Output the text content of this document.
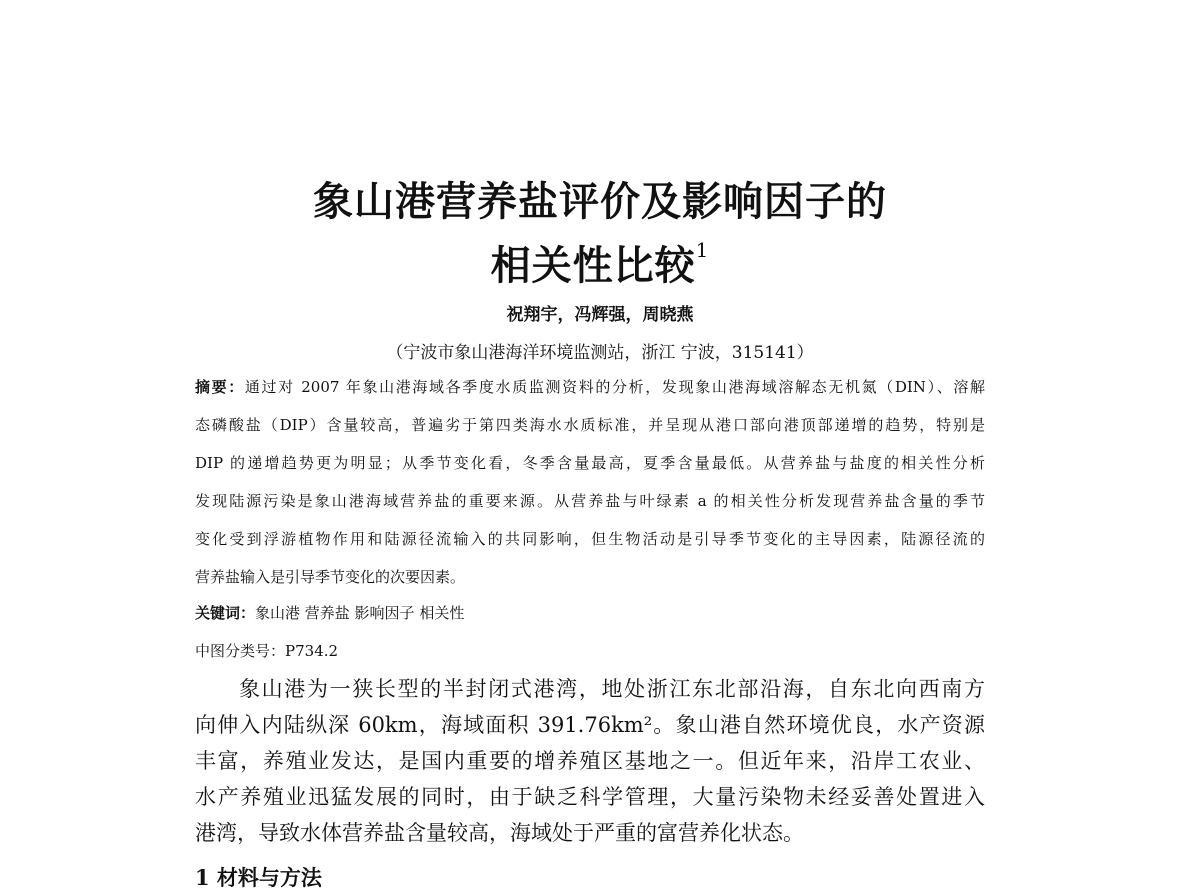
象山港营养盐评价及影响因子的
相关性比较$^1$
祝翔宇，冯辉强，周晓燕
（宁波市象山港海洋环境监测站，浙江 宁波，315141）
摘要：通过对 2007 年象山港海域各季度水质监测资料的分析，发现象山港海域溶解态无机氮（DIN）、溶解
态磷酸盐（DIP）含量较高，普遍劣于第四类海水水质标准，并呈现从港口部向港顶部递增的趋势，特别是
DIP 的递增趋势更为明显；从季节变化看，冬季含量最高，夏季含量最低。从营养盐与盐度的相关性分析
发现陆源污染是象山港海域营养盐的重要来源。从营养盐与叶绿素 a 的相关性分析发现营养盐含量的季节
变化受到浮游植物作用和陆源径流输入的共同影响，但生物活动是引导季节变化的主导因素，陆源径流的
营养盐输入是引导季节变化的次要因素。
关键词：象山港 营养盐 影响因子 相关性
中图分类号：P734.2
象山港为一狭长型的半封闭式港湾，地处浙江东北部沿海，自东北向西南方
向伸入内陆纵深 60km，海域面积 391.76km²。象山港自然环境优良，水产资源
丰富，养殖业发达，是国内重要的增养殖区基地之一。但近年来，沿岸工农业、
水产养殖业迅猛发展的同时，由于缺乏科学管理，大量污染物未经妥善处置进入
港湾，导致水体营养盐含量较高，海域处于严重的富营养化状态。
1 材料与方法
